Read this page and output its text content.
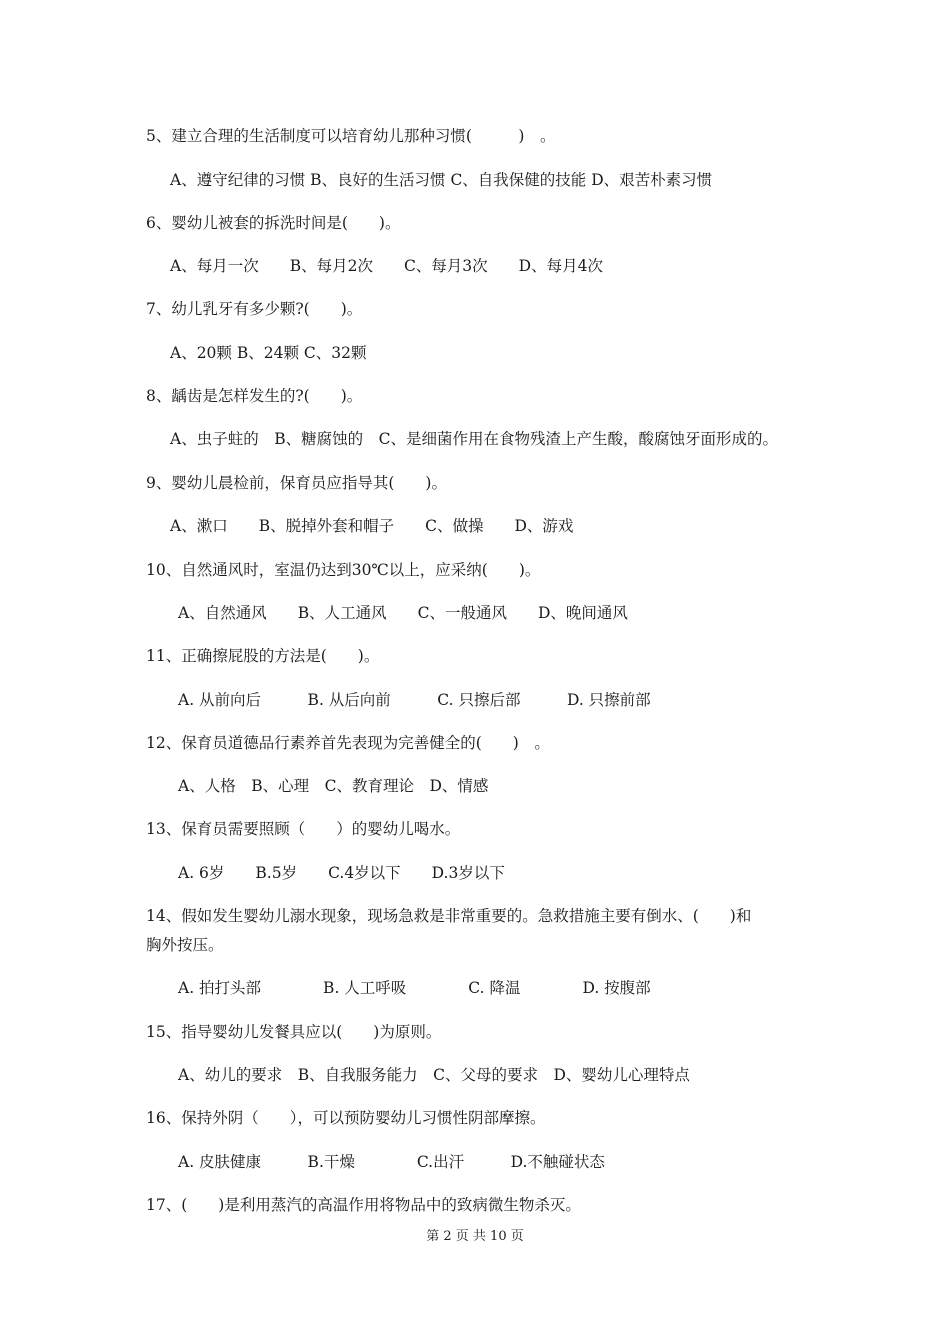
5、建立合理的生活制度可以培育幼儿那种习惯(　　　)　。
A、遵守纪律的习惯 B、良好的生活习惯 C、自我保健的技能 D、艰苦朴素习惯
6、婴幼儿被套的拆洗时间是(　　)。
A、每月一次　　B、每月2次　　C、每月3次　　D、每月4次
7、幼儿乳牙有多少颗?(　　)。
A、20颗 B、24颗 C、32颗
8、龋齿是怎样发生的?(　　)。
A、虫子蛀的　B、糖腐蚀的　C、是细菌作用在食物残渣上产生酸，酸腐蚀牙面形成的。
9、婴幼儿晨检前，保育员应指导其(　　)。
A、漱口　　B、脱掉外套和帽子　　C、做操　　D、游戏
10、自然通风时，室温仍达到30℃以上，应采纳(　　)。
A、自然通风　　B、人工通风　　C、一般通风　　D、晚间通风
11、正确擦屁股的方法是(　　)。
A. 从前向后　　　B. 从后向前　　　C. 只擦后部　　　D. 只擦前部
12、保育员道德品行素养首先表现为完善健全的(　　)　。
A、人格　B、心理　C、教育理论　D、情感
13、保育员需要照顾（　　）的婴幼儿喝水。
A. 6岁　　B.5岁　　C.4岁以下　　D.3岁以下
14、假如发生婴幼儿溺水现象，现场急救是非常重要的。急救措施主要有倒水、(　　)和
胸外按压。
A. 拍打头部　　　　B. 人工呼吸　　　　C. 降温　　　　D. 按腹部
15、指导婴幼儿发餐具应以(　　)为原则。
A、幼儿的要求　B、自我服务能力　C、父母的要求　D、婴幼儿心理特点
16、保持外阴（　　），可以预防婴幼儿习惯性阴部摩擦。
A. 皮肤健康　　　B.干燥　　　　C.出汗　　　D.不触碰状态
17、(　　)是利用蒸汽的高温作用将物品中的致病微生物杀灭。
第 2 页 共 10 页
